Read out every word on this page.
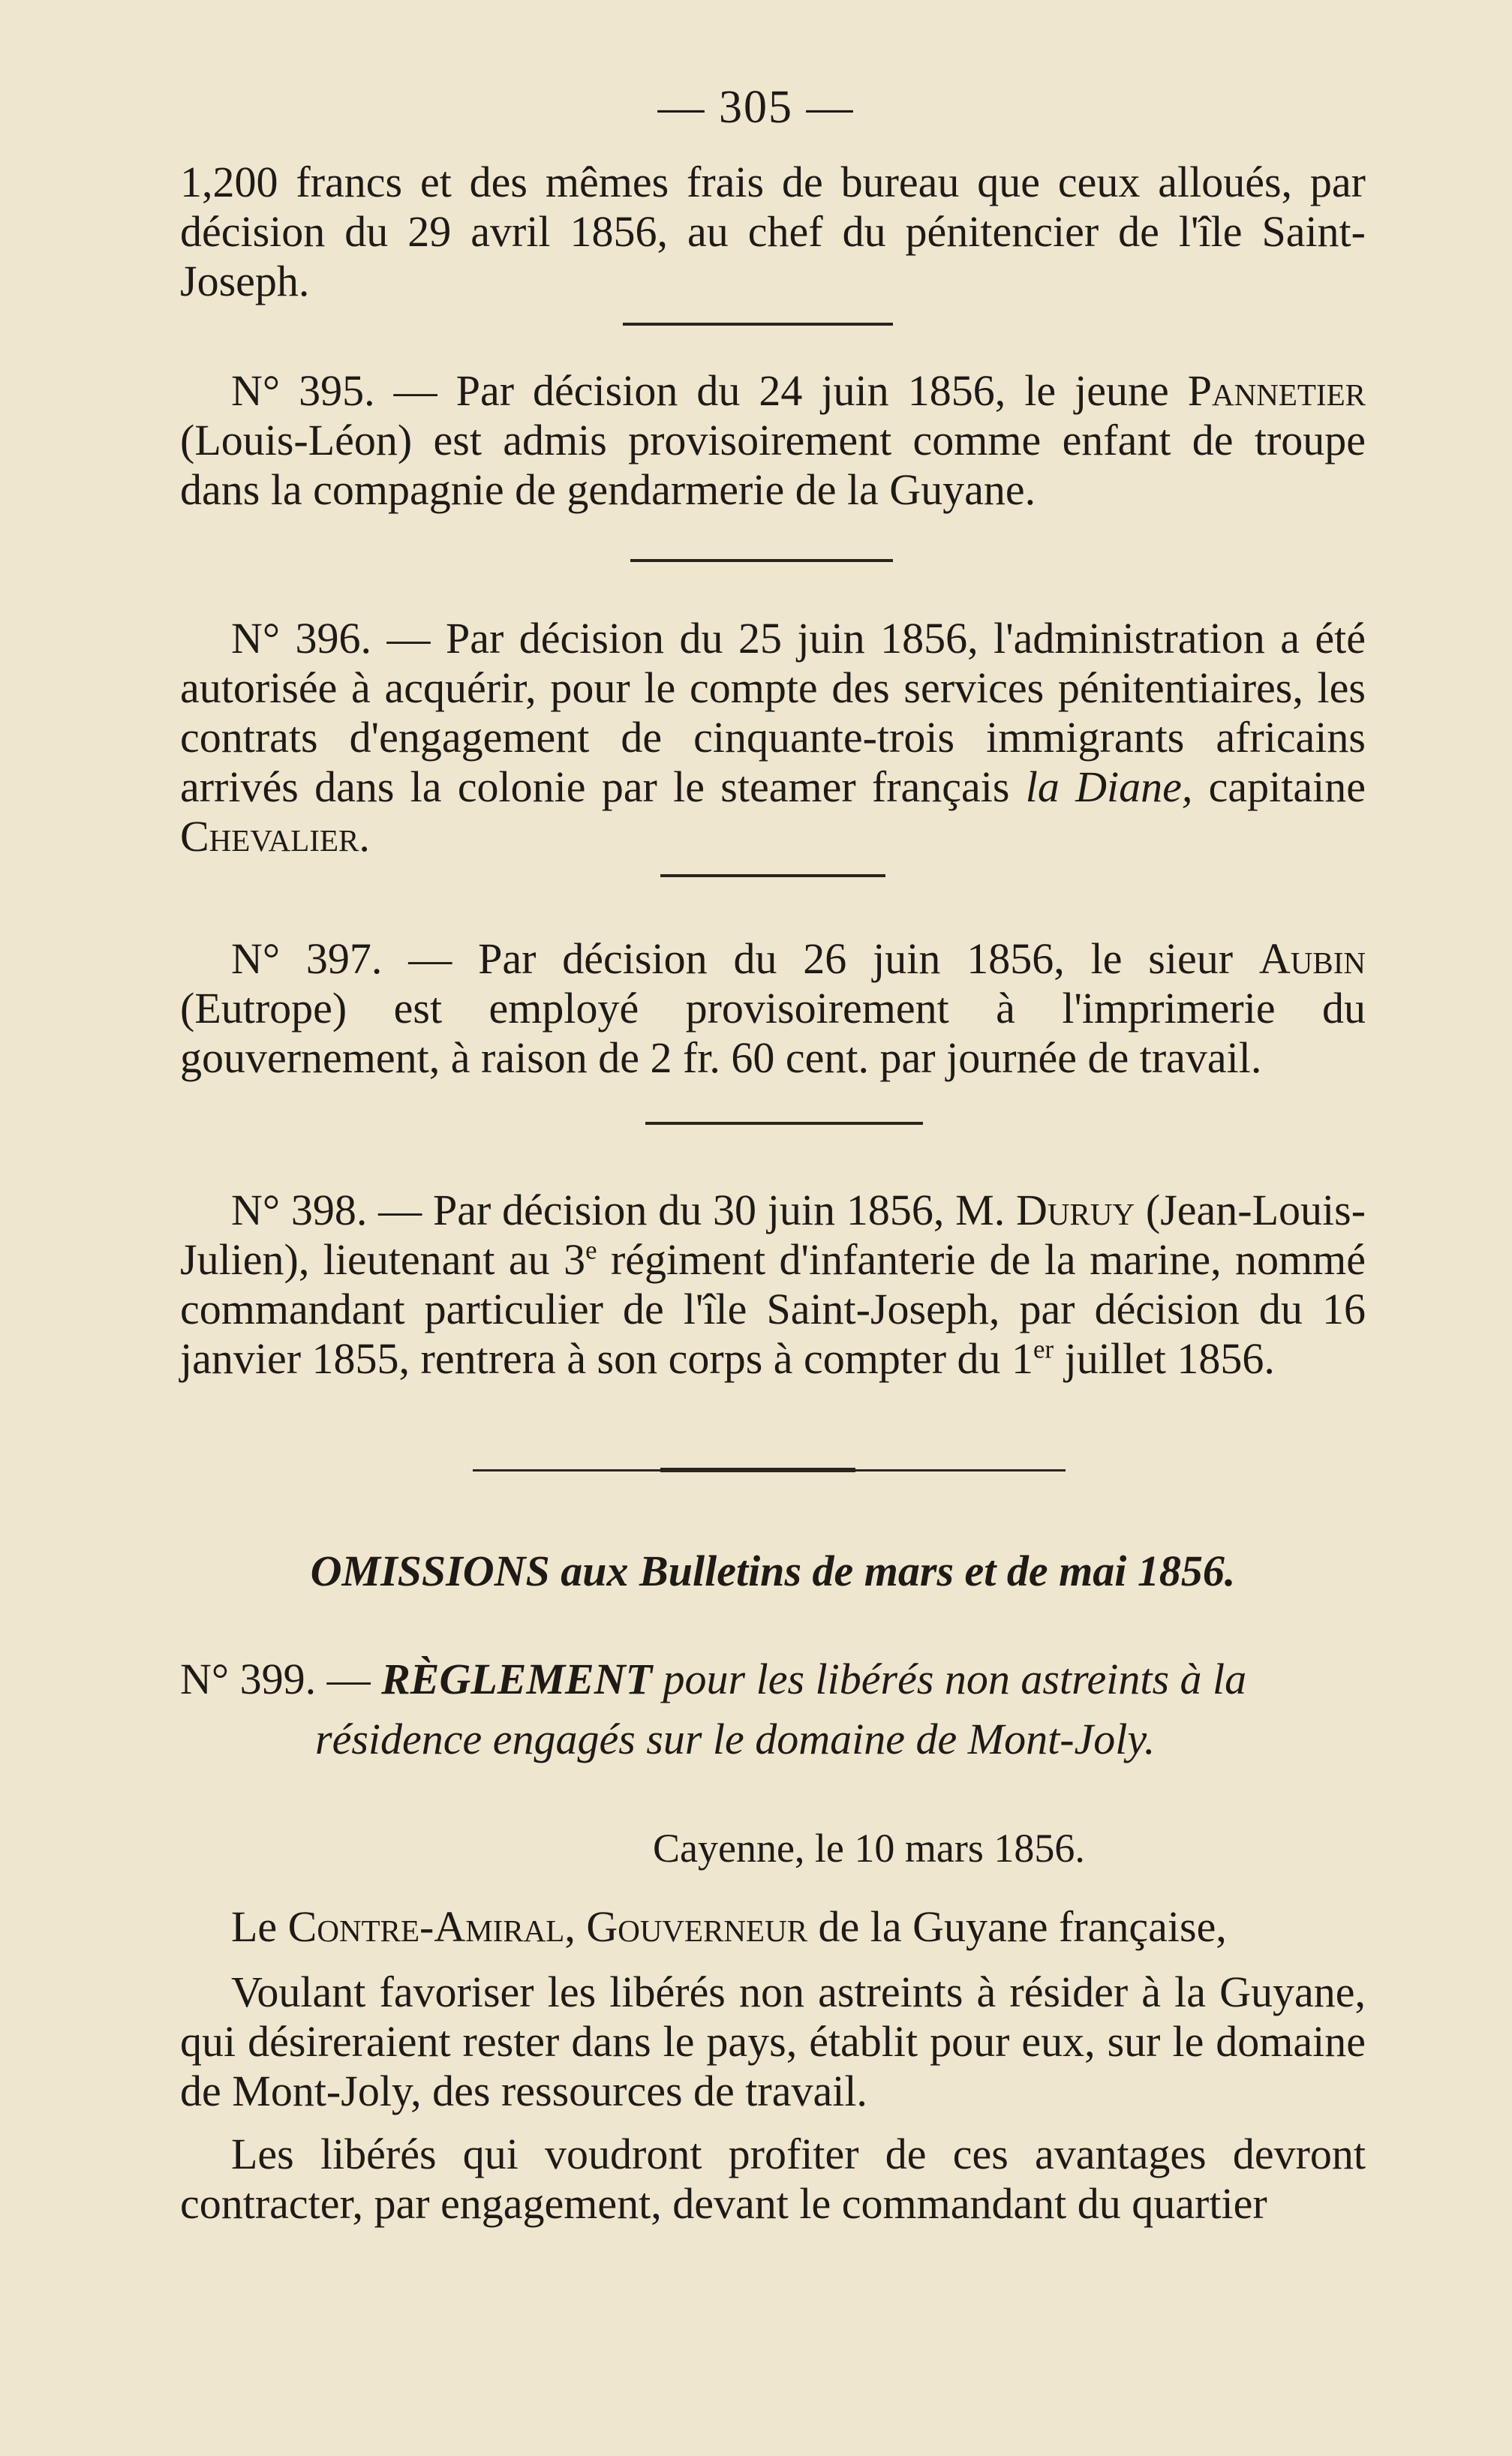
— 305 —
1,200 francs et des mêmes frais de bureau que ceux alloués, par décision du 29 avril 1856, au chef du pénitencier de l'île Saint-Joseph.
N° 395. — Par décision du 24 juin 1856, le jeune Pannetier (Louis-Léon) est admis provisoirement comme enfant de troupe dans la compagnie de gendarmerie de la Guyane.
N° 396. — Par décision du 25 juin 1856, l'administration a été autorisée à acquérir, pour le compte des services pénitentiaires, les contrats d'engagement de cinquante-trois immigrants africains arrivés dans la colonie par le steamer français la Diane, capitaine Chevalier.
N° 397. — Par décision du 26 juin 1856, le sieur Aubin (Eutrope) est employé provisoirement à l'imprimerie du gouvernement, à raison de 2 fr. 60 cent. par journée de travail.
N° 398. — Par décision du 30 juin 1856, M. Duruy (Jean-Louis-Julien), lieutenant au 3e régiment d'infanterie de la marine, nommé commandant particulier de l'île Saint-Joseph, par décision du 16 janvier 1855, rentrera à son corps à compter du 1er juillet 1856.
OMISSIONS aux Bulletins de mars et de mai 1856.
N° 399. — RÈGLEMENT pour les libérés non astreints à la
résidence engagés sur le domaine de Mont-Joly.
Cayenne, le 10 mars 1856.
Le Contre-Amiral, Gouverneur de la Guyane française,
Voulant favoriser les libérés non astreints à résider à la Guyane, qui désireraient rester dans le pays, établit pour eux, sur le domaine de Mont-Joly, des ressources de travail.
Les libérés qui voudront profiter de ces avantages devront contracter, par engagement, devant le commandant du quartier
